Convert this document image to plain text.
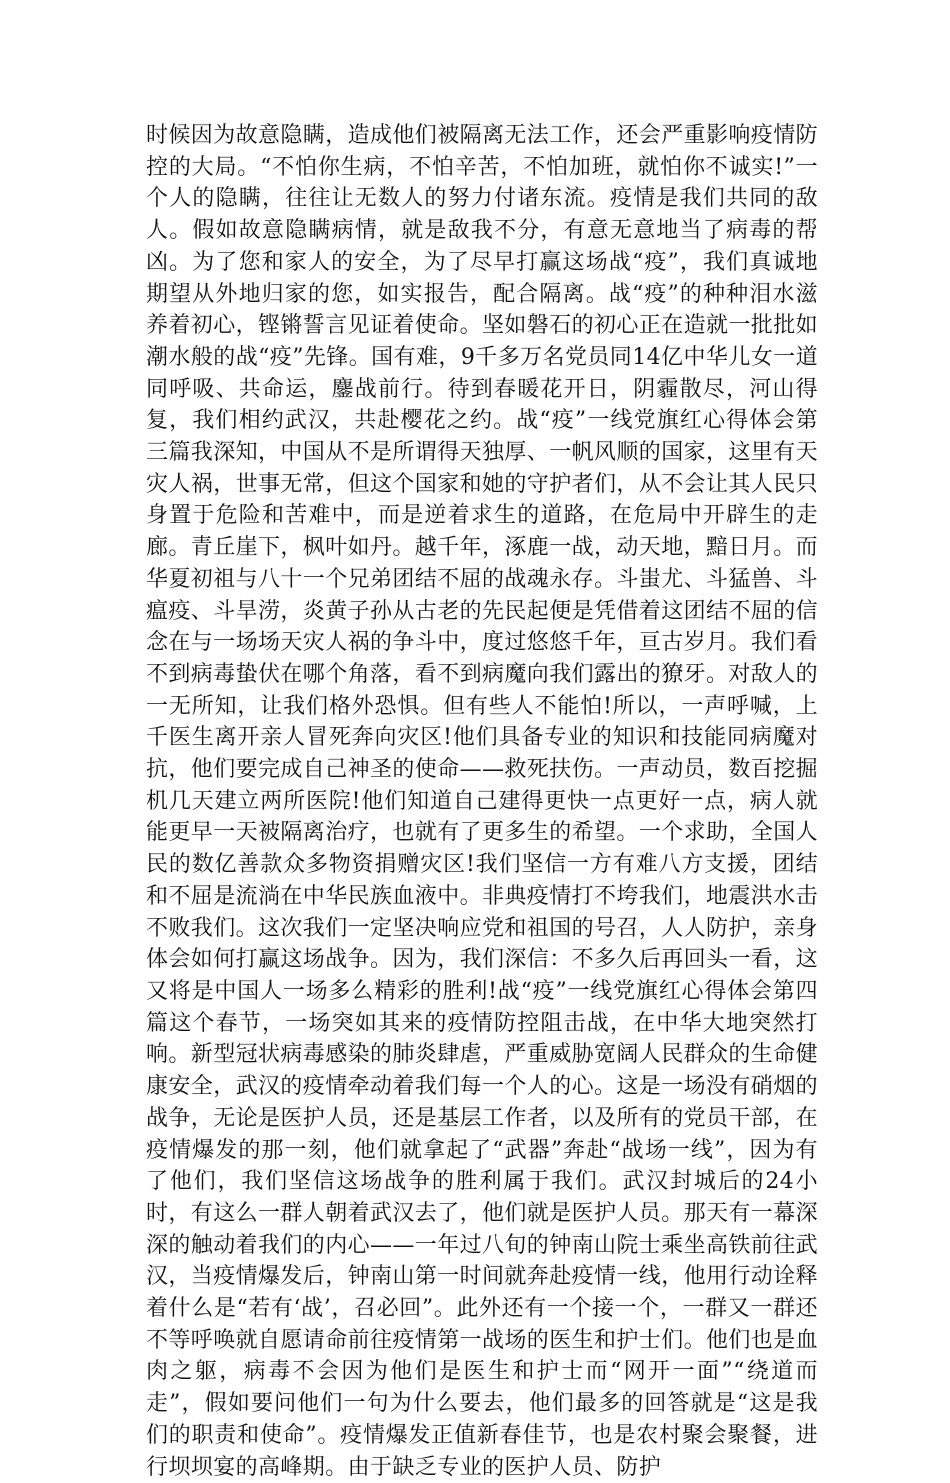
时候因为故意隐瞒，造成他们被隔离无法工作，还会严重影响疫情防控的大局。“不怕你生病，不怕辛苦，不怕加班，就怕你不诚实!”一个人的隐瞒，往往让无数人的努力付诸东流。疫情是我们共同的敌人。假如故意隐瞒病情，就是敌我不分，有意无意地当了病毒的帮凶。为了您和家人的安全，为了尽早打赢这场战“疫”，我们真诚地期望从外地归家的您，如实报告，配合隔离。战“疫”的种种泪水滋养着初心，铿锵誓言见证着使命。坚如磐石的初心正在造就一批批如潮水般的战“疫”先锋。国有难，9千多万名党员同14亿中华儿女一道同呼吸、共命运，鏖战前行。待到春暖花开日，阴霾散尽，河山得复，我们相约武汉，共赴樱花之约。战“疫”一线党旗红心得体会第三篇我深知，中国从不是所谓得天独厚、一帆风顺的国家，这里有天灾人祸，世事无常，但这个国家和她的守护者们，从不会让其人民只身置于危险和苦难中，而是逆着求生的道路，在危局中开辟生的走廊。青丘崖下，枫叶如丹。越千年，涿鹿一战，动天地，黯日月。而华夏初祖与八十一个兄弟团结不屈的战魂永存。斗蚩尤、斗猛兽、斗瘟疫、斗旱涝，炎黄子孙从古老的先民起便是凭借着这团结不屈的信念在与一场场天灾人祸的争斗中，度过悠悠千年，亘古岁月。我们看不到病毒蛰伏在哪个角落，看不到病魔向我们露出的獠牙。对敌人的一无所知，让我们格外恐惧。但有些人不能怕!所以，一声呼喊，上千医生离开亲人冒死奔向灾区!他们具备专业的知识和技能同病魔对抗，他们要完成自己神圣的使命——救死扶伤。一声动员，数百挖掘机几天建立两所医院!他们知道自己建得更快一点更好一点，病人就能更早一天被隔离治疗，也就有了更多生的希望。一个求助，全国人民的数亿善款众多物资捐赠灾区!我们坚信一方有难八方支援，团结和不屈是流淌在中华民族血液中。非典疫情打不垮我们，地震洪水击不败我们。这次我们一定坚决响应党和祖国的号召，人人防护，亲身体会如何打赢这场战争。因为，我们深信：不多久后再回头一看，这又将是中国人一场多么精彩的胜利!战“疫”一线党旗红心得体会第四篇这个春节，一场突如其来的疫情防控阻击战，在中华大地突然打响。新型冠状病毒感染的肺炎肆虐，严重威胁宽阔人民群众的生命健康安全，武汉的疫情牵动着我们每一个人的心。这是一场没有硝烟的战争，无论是医护人员，还是基层工作者，以及所有的党员干部，在疫情爆发的那一刻，他们就拿起了“武器”奔赴“战场一线”，因为有了他们，我们坚信这场战争的胜利属于我们。武汉封城后的24小时，有这么一群人朝着武汉去了，他们就是医护人员。那天有一幕深深的触动着我们的内心——一年过八旬的钟南山院士乘坐高铁前往武汉，当疫情爆发后，钟南山第一时间就奔赴疫情一线，他用行动诠释着什么是“若有‘战’，召必回”。此外还有一个接一个，一群又一群还不等呼唤就自愿请命前往疫情第一战场的医生和护士们。他们也是血肉之躯，病毒不会因为他们是医生和护士而“网开一面”“绕道而走”，假如要问他们一句为什么要去，他们最多的回答就是“这是我们的职责和使命”。疫情爆发正值新春佳节，也是农村聚会聚餐，进行坝坝宴的高峰期。由于缺乏专业的医护人员、防护
